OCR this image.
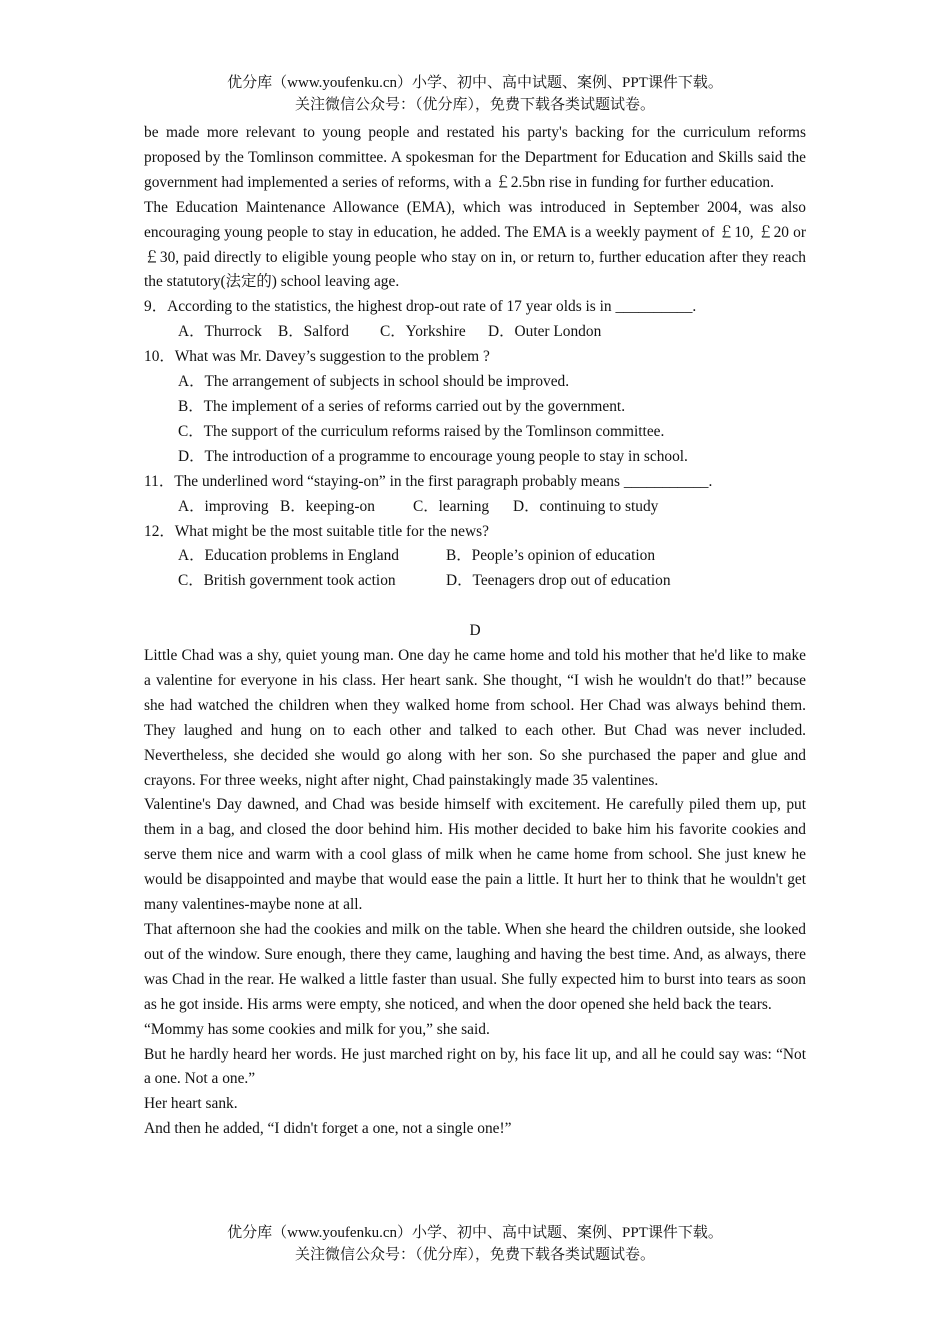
优分库（www.youfenku.cn）小学、初中、高中试题、案例、PPT课件下载。
关注微信公众号：（优分库），免费下载各类试题试卷。

be made more relevant to young people and restated his party's backing for the curriculum reforms proposed by the Tomlinson committee. A spokesman for the Department for Education and Skills said the government had implemented a series of reforms, with a ￡2.5bn rise in funding for further education.

The Education Maintenance Allowance (EMA), which was introduced in September 2004, was also encouraging young people to stay in education, he added. The EMA is a weekly payment of ￡10, ￡20 or ￡30, paid directly to eligible young people who stay on in, or return to, further education after they reach the statutory(法定的) school leaving age.

9．According to the statistics, the highest drop-out rate of 17 year olds is in __________.

A．Thurrock	B．Salford	C．Yorkshire	D．Outer London

10．What was Mr. Davey’s suggestion to the problem ?

A．The arrangement of subjects in school should be improved.

B．The implement of a series of reforms carried out by the government.

C．The support of the curriculum reforms raised by the Tomlinson committee.

D．The introduction of a programme to encourage young people to stay in school.

11．The underlined word “staying-on” in the first paragraph probably means ___________.

A．improving B．keeping-on	C．learning	D．continuing to study

12．What might be the most suitable title for the news?

A．Education problems in England	B．People’s opinion of education
C．British government took action	D．Teenagers drop out of education

D

Little Chad was a shy, quiet young man. One day he came home and told his mother that he'd like to make a valentine for everyone in his class. Her heart sank. She thought, “I wish he wouldn't do that!” because she had watched the children when they walked home from school. Her Chad was always behind them. They laughed and hung on to each other and talked to each other. But Chad was never included. Nevertheless, she decided she would go along with her son. So she purchased the paper and glue and crayons. For three weeks, night after night, Chad painstakingly made 35 valentines.

Valentine's Day dawned, and Chad was beside himself with excitement. He carefully piled them up, put them in a bag, and closed the door behind him. His mother decided to bake him his favorite cookies and serve them nice and warm with a cool glass of milk when he came home from school. She just knew he would be disappointed and maybe that would ease the pain a little. It hurt her to think that he wouldn't get many valentines-maybe none at all.

That afternoon she had the cookies and milk on the table. When she heard the children outside, she looked out of the window. Sure enough, there they came, laughing and having the best time. And, as always, there was Chad in the rear. He walked a little faster than usual. She fully expected him to burst into tears as soon as he got inside. His arms were empty, she noticed, and when the door opened she held back the tears.

“Mommy has some cookies and milk for you,” she said.

But he hardly heard her words. He just marched right on by, his face lit up, and all he could say was: “Not a one. Not a one.”

Her heart sank.

And then he added, “I didn't forget a one, not a single one!”

优分库（www.youfenku.cn）小学、初中、高中试题、案例、PPT课件下载。
关注微信公众号：（优分库），免费下载各类试题试卷。
